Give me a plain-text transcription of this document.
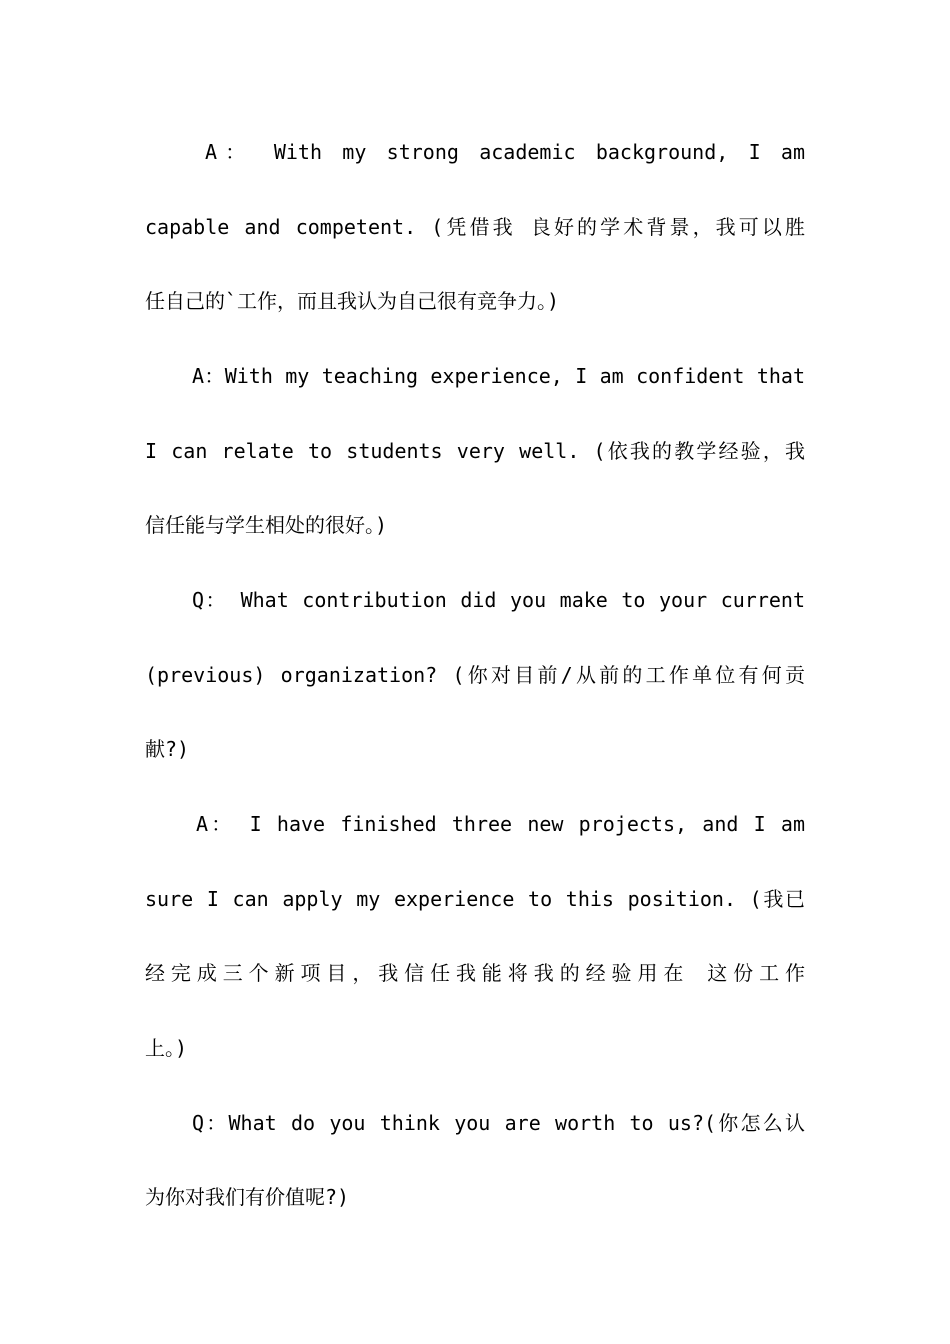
A： With my strong academic background, I am
capable and competent. (凭借我 良好的学术背景，我可以胜
任自己的`工作，而且我认为自己很有竞争力。)
A：With my teaching experience, I am confident that
I can relate to students very well. (依我的教学经验，我
信任能与学生相处的很好。)
Q： What contribution did you make to your current
(previous) organization? (你对目前/从前的工作单位有何贡
献?)
A： I have finished three new projects, and I am
sure I can apply my experience to this position. (我已
经完成三个新项目，我信任我能将我的经验用在 这份工作
上。)
Q：What do you think you are worth to us?(你怎么认
为你对我们有价值呢?)
